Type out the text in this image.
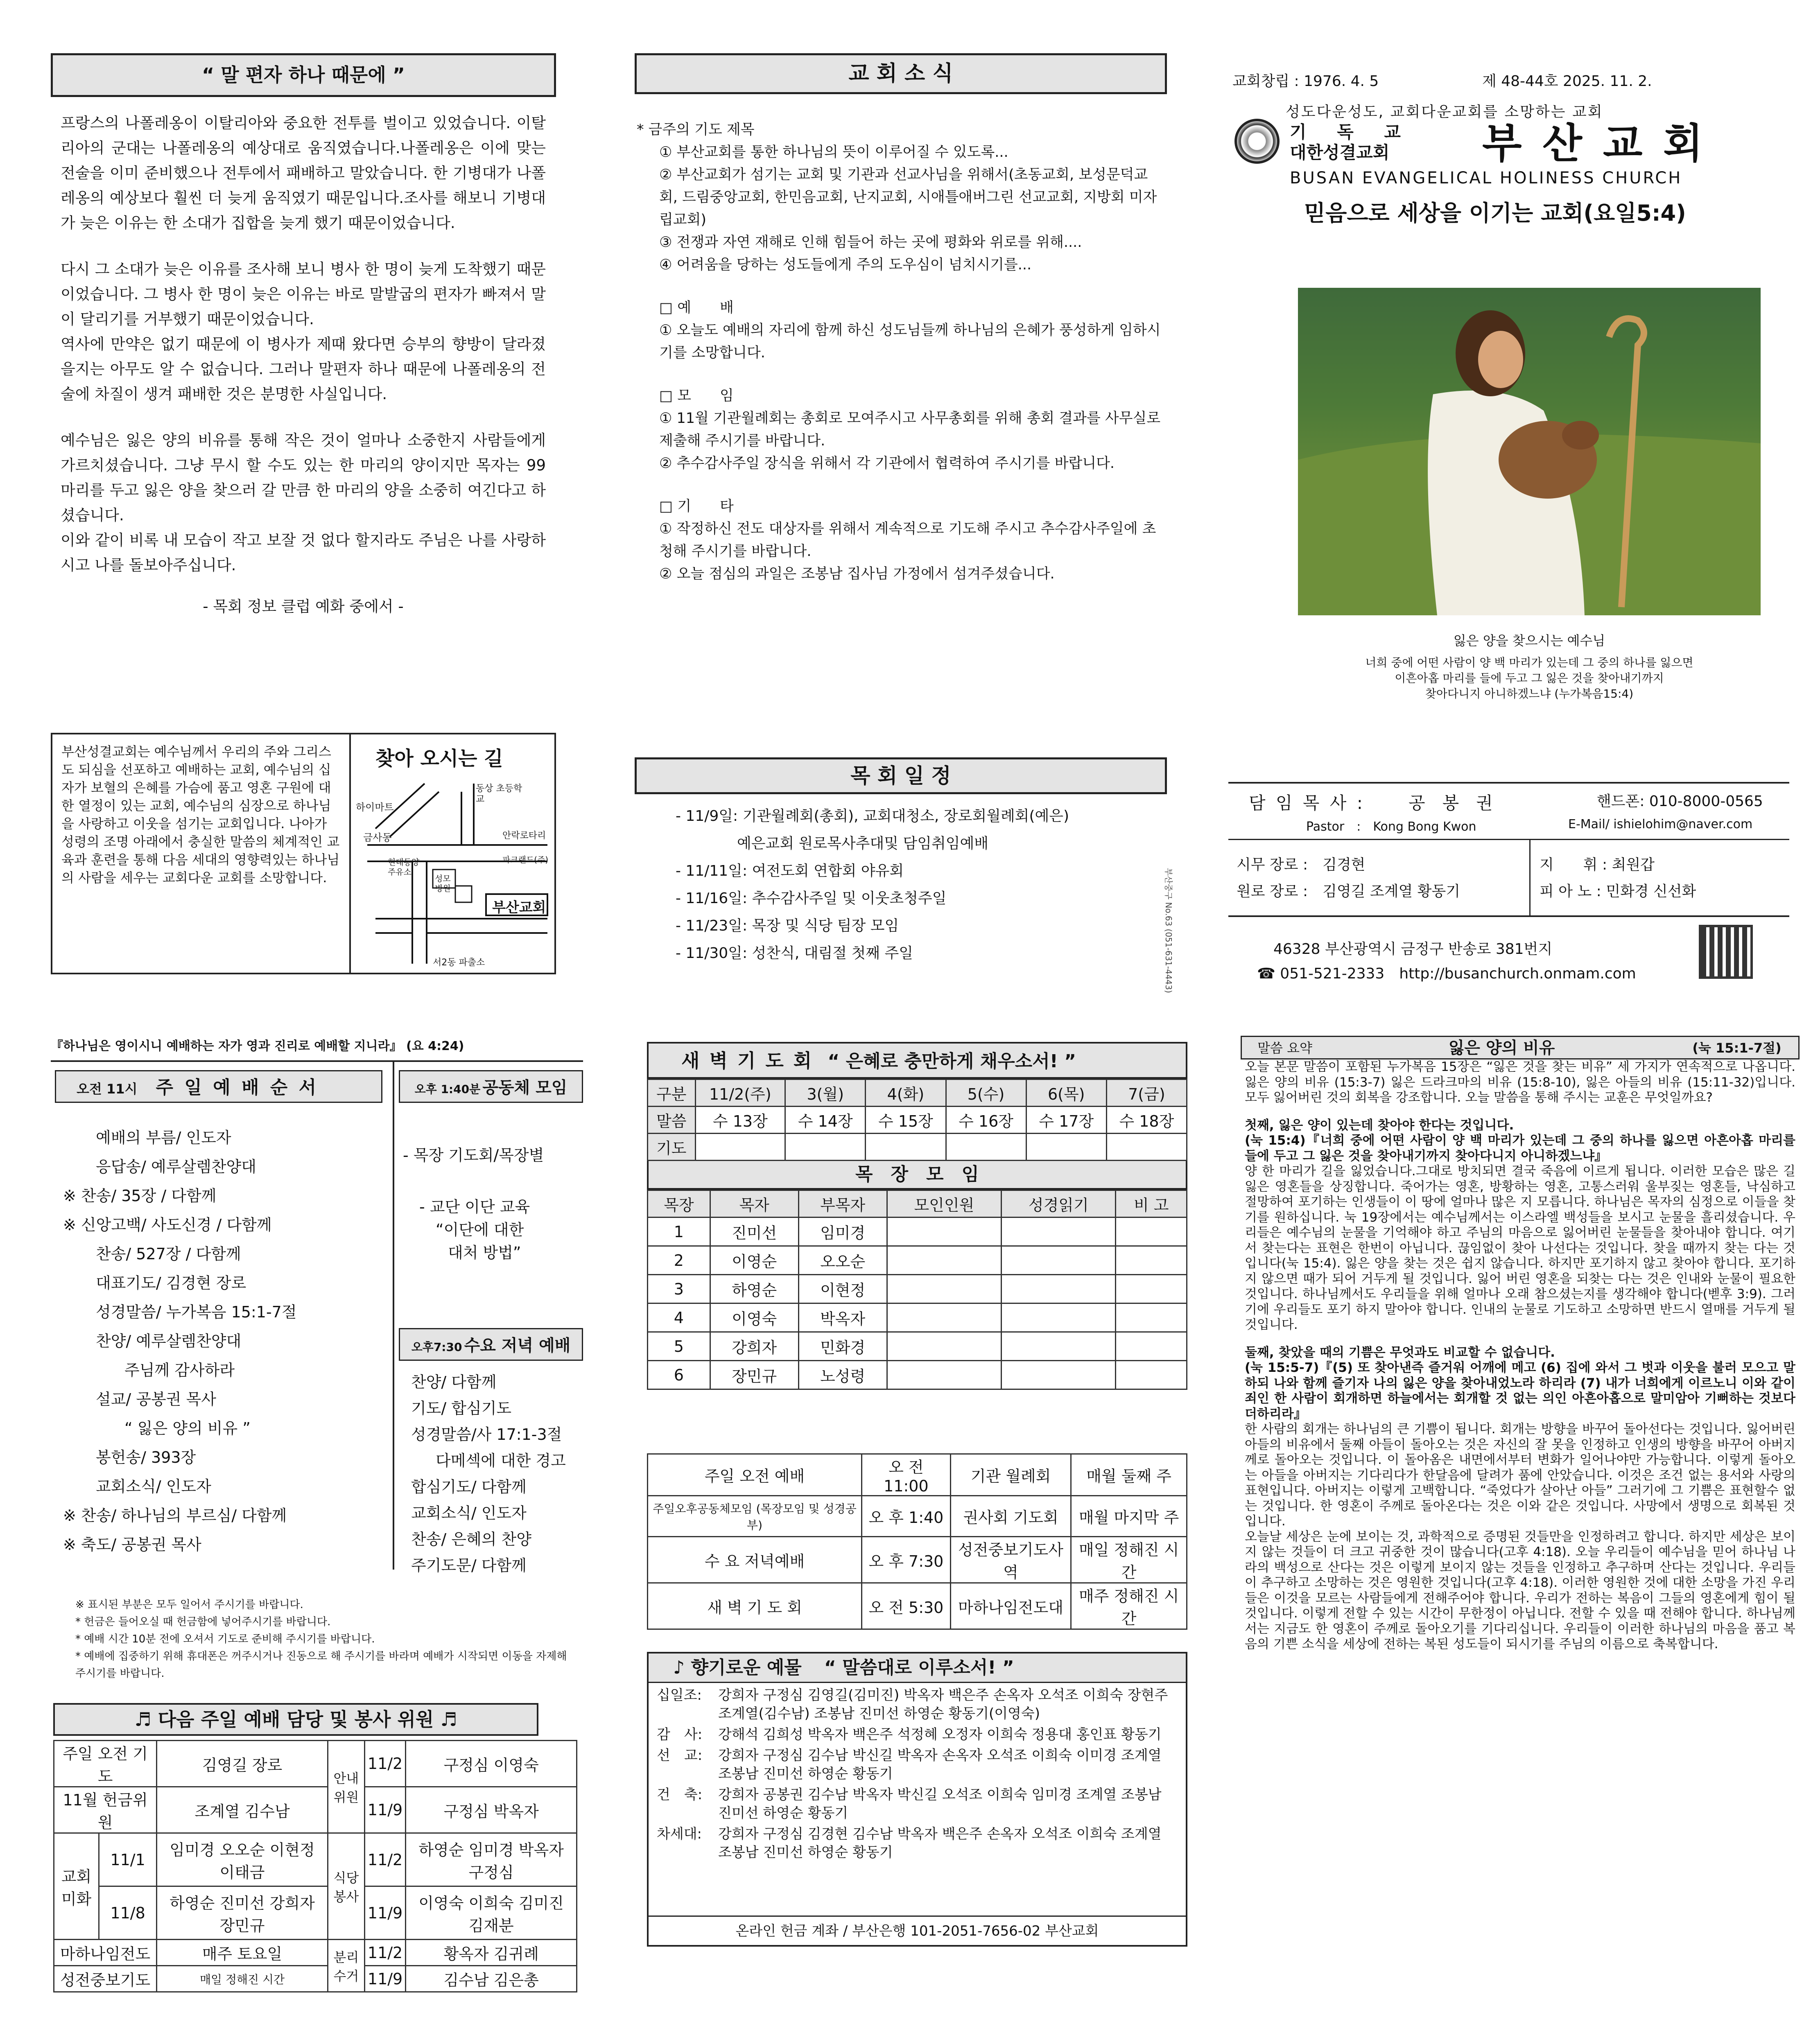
“ 말 편자 하나 때문에 ”

프랑스의 나폴레옹이 이탈리아와 중요한 전투를 벌이고 있었습니다. 이탈리아의 군대는 나폴레옹의 예상대로 움직였습니다.나폴레옹은 이에 맞는 전술을 이미 준비했으나 전투에서 패배하고 말았습니다. 한 기병대가 나폴레옹의 예상보다 훨씬 더 늦게 움직였기 때문입니다.조사를 해보니 기병대가 늦은 이유는 한 소대가 집합을 늦게 했기 때문이었습니다.

다시 그 소대가 늦은 이유를 조사해 보니 병사 한 명이 늦게 도착했기 때문이었습니다. 그 병사 한 명이 늦은 이유는 바로 말발굽의 편자가 빠져서 말이 달리기를 거부했기 때문이었습니다.

역사에 만약은 없기 때문에 이 병사가 제때 왔다면 승부의 향방이 달라졌을지는 아무도 알 수 없습니다. 그러나 말편자 하나 때문에 나폴레옹의 전술에 차질이 생겨 패배한 것은 분명한 사실입니다.

예수님은 잃은 양의 비유를 통해 작은 것이 얼마나 소중한지 사람들에게 가르치셨습니다. 그냥 무시 할 수도 있는 한 마리의 양이지만 목자는 99 마리를 두고 잃은 양을 찾으러 갈 만큼 한 마리의 양을 소중히 여긴다고 하셨습니다.

이와 같이 비록 내 모습이 작고 보잘 것 없다 할지라도 주님은 나를 사랑하시고 나를 돌보아주십니다.

- 목회 정보 클럽 예화 중에서 -

부산성결교회는 예수님께서 우리의 주와 그리스도 되심을 선포하고 예배하는 교회, 예수님의 십자가 보혈의 은혜를 가슴에 품고 영혼 구원에 대한 열정이 있는 교회, 예수님의 심장으로 하나님을 사랑하고 이웃을 섬기는 교회입니다. 나아가 성령의 조명 아래에서 충실한 말씀의 체계적인 교육과 훈련을 통해 다음 세대의 영향력있는 하나님의 사람을 세우는 교회다운 교회를 소망합니다.
찾아 오시는 길
하이마트
금사동
동상 초등학교
안락로타리
현대동양 주유소
성모 병원
파크랜드(주)
부산교회
서2동 파출소
교 회 소 식
* 금주의 기도 제목
① 부산교회를 통한 하나님의 뜻이 이루어질 수 있도록...
② 부산교회가 섬기는 교회 및 기관과 선교사님을 위해서(초동교회, 보성문덕교회, 드림중앙교회, 한민음교회, 난지교회, 시애틀애버그린 선교교회, 지방회 미자립교회)
③ 전쟁과 자연 재해로 인해 힘들어 하는 곳에 평화와 위로를 위해....
④ 어려움을 당하는 성도들에게 주의 도우심이 넘치시기를...
□ 예　　배
① 오늘도 예배의 자리에 함께 하신 성도님들께 하나님의 은혜가 풍성하게 임하시기를 소망합니다.
□ 모　　임
① 11월 기관월례회는 총회로 모여주시고 사무총회를 위해 총회 결과를 사무실로 제출해 주시기를 바랍니다.
② 추수감사주일 장식을 위해서 각 기관에서 협력하여 주시기를 바랍니다.
□ 기　　타
① 작정하신 전도 대상자를 위해서 계속적으로 기도해 주시고 추수감사주일에 초청해 주시기를 바랍니다.
② 오늘 점심의 과일은 조봉남 집사님 가정에서 섬겨주셨습니다.
목 회 일 정
- 11/9일: 기관월례회(총회), 교회대청소, 장로회월례회(예은)
예은교회 원로목사추대및 담임취임예배
- 11/11일: 여전도회 연합회 야유회
- 11/16일: 추수감사주일 및 이웃초청주일
- 11/23일: 목장 및 식당 팀장 모임
- 11/30일: 성찬식, 대림절 첫째 주일	부산중구 No.63 (051-631-4443)
교회창립 : 1976. 4. 5	제 48-44호 2025. 11. 2.
성도다운성도, 교회다운교회를 소망하는 교회
기 독 교
대한성결교회 부 산 교 회
BUSAN EVANGELICAL HOLINESS CHURCH
믿음으로 세상을 이기는 교회(요일5:4)
잃은 양을 찾으시는 예수님
너희 중에 어떤 사람이 양 백 마리가 있는데 그 중의 하나를 잃으면
이흔아홉 마리를 들에 두고 그 잃은 것을 찾아내기까지
찾아다니지 아니하겠느냐 (누가복음15:4)
담 임 목 사 :	공　봉　권	핸드폰: 010-8000-0565
Pastor　:　Kong Bong Kwon	E-Mail/ ishielohim@naver.com
시무 장로 :　김경현
원로 장로 :　김영길 조계열 황동기
지　　휘 : 최원갑
피 아 노 : 민화경 신선화
46328 부산광역시 금정구 반송로 381번지
☎ 051-521-2333　http://busanchurch.onmam.com
『하나님은 영이시니 예배하는 자가 영과 진리로 예배할 지니라』 (요 4:24)
오전 11시 주 일 예 배 순 서
예배의 부름/ 인도자
응답송/ 예루살렘찬양대
※ 찬송/ 35장 / 다함께
※ 신앙고백/ 사도신경 / 다함께
찬송/ 527장 / 다함께
대표기도/ 김경현 장로
성경말씀/ 누가복음 15:1-7절
찬양/ 예루살렘찬양대
주님께 감사하라
설교/ 공봉권 목사
“ 잃은 양의 비유 ”
봉헌송/ 393장
교회소식/ 인도자
※ 찬송/ 하나님의 부르심/ 다함께
※ 축도/ 공봉권 목사
오후 1:40분 공동체 모임
- 목장 기도회/목장별
- 교단 이단 교육
“이단에 대한
대처 방법”
오후7:30 수요 저녁 예배
찬양/ 다함께
기도/ 합심기도
성경말씀/사 17:1-3절
다메섹에 대한 경고
합심기도/ 다함께
교회소식/ 인도자
찬송/ 은혜의 찬양
주기도문/ 다함께
※ 표시된 부분은 모두 일어서 주시기를 바랍니다.
* 헌금은 들어오실 때 헌금함에 넣어주시기를 바랍니다.
* 예배 시간 10분 전에 오셔서 기도로 준비해 주시기를 바랍니다.
* 예배에 집중하기 위해 휴대폰은 꺼주시거나 진동으로 해 주시기를 바라며 예배가 시작되면 이동을 자제해 주시기를 바랍니다.
♬ 다음 주일 예배 담당 및 봉사 위원 ♬
주일 오전 기도		김영길 장로	안내 위원	11/2	구정심 이영숙
11월 헌금위원		조계열 김수남		11/9	구정심 박옥자
교회 미화	11/1	임미경 오오순 이현정 이태금	식당 봉사	11/2	하영순 임미경 박옥자 구정심
	11/8	하영순 진미선 강희자 장민규		11/9	이영숙 이희숙 김미진 김재분
마하나임전도		매주 토요일	분리 수거	11/2	황옥자 김귀례
성전중보기도		매일 정해진 시간		11/9	김수남 김은총
새 벽 기 도 회 “ 은혜로 충만하게 채우소서! ”
구분	11/2(주)	3(월)	4(화)	5(수)	6(목)	7(금)
말씀	수 13장	수 14장	수 15장	수 16장	수 17장	수 18장
기도						
목　장　모　임
목장	목자	부목자	모인인원	성경읽기	비 고
1	진미선	임미경			
2	이영순	오오순			
3	하영순	이현정			
4	이영숙	박옥자			
5	강희자	민화경			
6	장민규	노성령			
주일 오전 예배	오 전 11:00	기관 월례회	매월 둘째 주
주일오후공동체모임 (목장모임 및 성경공부)	오 후 1:40	권사회 기도회	매월 마지막 주
수 요 저녁예배	오 후 7:30	성전중보기도사역	매일 정해진 시간
새 벽 기 도 회	오 전 5:30	마하나임전도대	매주 정해진 시간
♪ 향기로운 예물 “ 말씀대로 이루소서! ”
십일조:	강희자 구정심 김영길(김미진) 박옥자 백은주 손옥자 오석조 이희숙 장현주 조계열(김수남) 조봉남 진미선 하영순 황동기(이영숙)
감　사:	강해석 김희성 박옥자 백은주 석정혜 오정자 이희숙 정용대 홍인표 황동기
선　교:	강희자 구정심 김수남 박신길 박옥자 손옥자 오석조 이희숙 이미경 조계열 조봉남 진미선 하영순 황동기
건　축:	강희자 공봉권 김수남 박옥자 박신길 오석조 이희숙 임미경 조계열 조봉남 진미선 하영순 황동기
차세대:	강희자 구정심 김경현 김수남 박옥자 백은주 손옥자 오석조 이희숙 조계열 조봉남 진미선 하영순 황동기
온라인 헌금 계좌 / 부산은행 101-2051-7656-02 부산교회
말씀 요약	잃은 양의 비유	(눅 15:1-7절)

오늘 본문 말씀이 포함된 누가복음 15장은 “잃은 것을 찾는 비유” 세 가지가 연속적으로 나옵니다. 잃은 양의 비유 (15:3-7) 잃은 드라크마의 비유 (15:8-10), 잃은 아들의 비유 (15:11-32)입니다. 모두 잃어버린 것의 회복을 강조합니다. 오늘 말씀을 통해 주시는 교훈은 무엇일까요?

첫째, 잃은 양이 있는데 찾아야 한다는 것입니다.

(눅 15:4)『너희 중에 어떤 사람이 양 백 마리가 있는데 그 중의 하나를 잃으면 아흔아홉 마리를 들에 두고 그 잃은 것을 찾아내기까지 찾아다니지 아니하겠느냐』

양 한 마리가 길을 잃었습니다.그대로 방치되면 결국 죽음에 이르게 됩니다. 이러한 모습은 많은 길 잃은 영혼들을 상징합니다. 죽어가는 영혼, 방황하는 영혼, 고통스러워 울부짖는 영혼들, 낙심하고 절망하여 포기하는 인생들이 이 땅에 얼마나 많은 지 모릅니다. 하나님은 목자의 심정으로 이들을 찾기를 원하십니다. 눅 19장에서는 예수님께서는 이스라엘 백성들을 보시고 눈물을 흘리셨습니다. 우리들은 예수님의 눈물을 기억해야 하고 주님의 마음으로 잃어버린 눈물들을 찾아내야 합니다. 여기서 찾는다는 표현은 한번이 아닙니다. 끊임없이 찾아 나선다는 것입니다. 찾을 때까지 찾는 다는 것입니다(눅 15:4). 잃은 양을 찾는 것은 쉽지 않습니다. 하지만 포기하지 않고 찾아야 합니다. 포기하지 않으면 때가 되어 거두게 될 것입니다. 잃어 버린 영혼을 되찾는 다는 것은 인내와 눈물이 필요한 것입니다. 하나님께서도 우리들을 위해 얼마나 오래 참으셨는지를 생각해야 합니다(벧후 3:9). 그러기에 우리들도 포기 하지 말아야 합니다. 인내의 눈물로 기도하고 소망하면 반드시 열매를 거두게 될 것입니다.

둘째, 찾았을 때의 기쁨은 무엇과도 비교할 수 없습니다.

(눅 15:5-7)『(5) 또 찾아낸즉 즐거워 어깨에 메고 (6) 집에 와서 그 벗과 이웃을 불러 모으고 말하되 나와 함께 즐기자 나의 잃은 양을 찾아내었노라 하리라 (7) 내가 너희에게 이르노니 이와 같이 죄인 한 사람이 회개하면 하늘에서는 회개할 것 없는 의인 아흔아홉으로 말미암아 기뻐하는 것보다 더하리라』

한 사람의 회개는 하나님의 큰 기쁨이 됩니다. 회개는 방향을 바꾸어 돌아선다는 것입니다. 잃어버린 아들의 비유에서 둘째 아들이 돌아오는 것은 자신의 잘 못을 인정하고 인생의 방향을 바꾸어 아버지께로 돌아오는 것입니다. 이 돌아옴은 내면에서부터 변화가 일어나야만 가능합니다. 이렇게 돌아오는 아들을 아버지는 기다리다가 한달음에 달려가 품에 안았습니다. 이것은 조건 없는 용서와 사랑의 표현입니다. 아버지는 이렇게 고백합니다. “죽었다가 살아난 아들” 그러기에 그 기쁨은 표현할수 없는 것입니다. 한 영혼이 주께로 돌아온다는 것은 이와 같은 것입니다. 사망에서 생명으로 회복된 것입니다.

오늘날 세상은 눈에 보이는 것, 과학적으로 증명된 것들만을 인정하려고 합니다. 하지만 세상은 보이지 않는 것들이 더 크고 귀중한 것이 많습니다(고후 4:18). 오늘 우리들이 예수님을 믿어 하나님 나라의 백성으로 산다는 것은 이렇게 보이지 않는 것들을 인정하고 추구하며 산다는 것입니다. 우리들이 추구하고 소망하는 것은 영원한 것입니다(고후 4:18). 이러한 영원한 것에 대한 소망을 가진 우리들은 이것을 모르는 사람들에게 전해주어야 합니다. 우리가 전하는 복음이 그들의 영혼에게 힘이 될 것입니다. 이렇게 전할 수 있는 시간이 무한정이 아닙니다. 전할 수 있을 때 전해야 합니다. 하나님께서는 지금도 한 영혼이 주께로 돌아오기를 기다리십니다. 우리들이 이러한 하나님의 마음을 품고 복음의 기쁜 소식을 세상에 전하는 복된 성도들이 되시기를 주님의 이름으로 축복합니다.
